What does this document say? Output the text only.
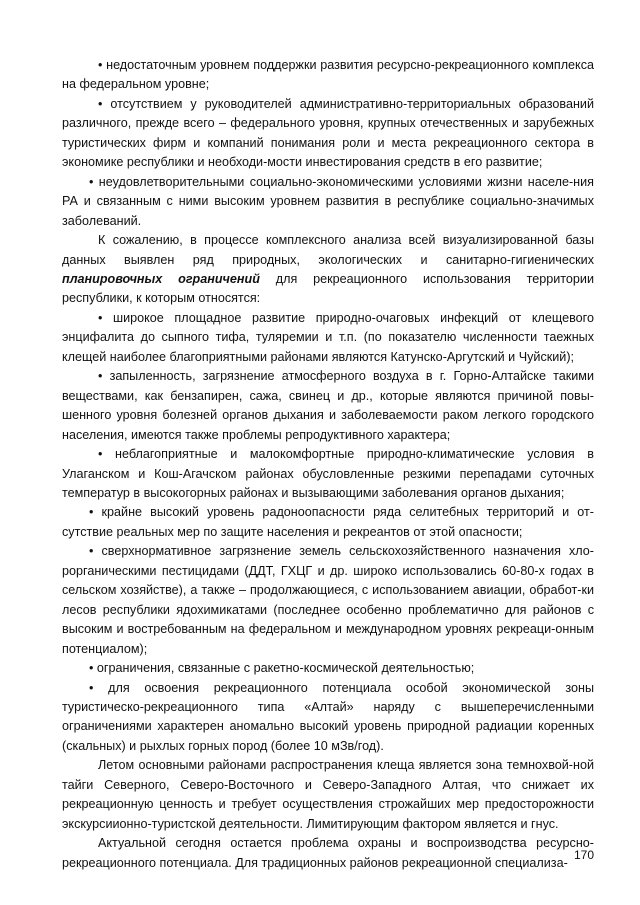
• недостаточным уровнем поддержки развития ресурсно-рекреационного комплекса на федеральном уровне;

• отсутствием у руководителей административно-территориальных образований различного, прежде всего – федерального уровня, крупных отечественных и зарубежных туристических фирм и компаний понимания роли и места рекреационного сектора в экономике республики и необходи-мости инвестирования средств в его развитие;

• неудовлетворительными социально-экономическими условиями жизни населе-ния РА и связанным с ними высоким уровнем развития в республике социально-значимых заболеваний.

К сожалению, в процессе комплексного анализа всей визуализированной базы данных выявлен ряд природных, экологических и санитарно-гигиенических планировочных ограничений для рекреационного использования территории республики, к которым относятся:

• широкое площадное развитие природно-очаговых инфекций от клещевого энцифалита до сыпного тифа, туляремии и т.п. (по показателю численности таежных клещей наиболее благоприятными районами являются Катунско-Аргутский и Чуйский);

• запыленность, загрязнение атмосферного воздуха в г. Горно-Алтайске такими веществами, как бензапирен, сажа, свинец и др., которые являются причиной повы-шенного уровня болезней органов дыхания и заболеваемости раком легкого городского населения, имеются также проблемы репродуктивного характера;

• неблагоприятные и малокомфортные природно-климатические условия в Улаганском и Кош-Агачском районах обусловленные резкими перепадами суточных температур в высокогорных районах и вызывающими заболевания органов дыхания;

• крайне высокий уровень радоноопасности ряда селитебных территорий и от-сутствие реальных мер по защите населения и рекреантов от этой опасности;

• сверхнормативное загрязнение земель сельскохозяйственного назначения хло-рорганическими пестицидами (ДДТ, ГХЦГ и др. широко использовались 60-80-х годах в сельском хозяйстве), а также – продолжающиеся, с использованием авиации, обработ-ки лесов республики ядохимикатами (последнее особенно проблематично для районов с высоким и востребованным на федеральном и международном уровнях рекреаци-онным потенциалом);

• ограничения, связанные с ракетно-космической деятельностью;

• для освоения рекреационного потенциала особой экономической зоны туристическо-рекреационного типа «Алтай» наряду с вышеперечисленными ограничениями характерен аномально высокий уровень природной радиации коренных (скальных) и рыхлых горных пород (более 10 мЗв/год).

Летом основными районами распространения клеща является зона темнохвой-ной тайги Северного, Северо-Восточного и Северо-Западного Алтая, что снижает их рекреационную ценность и требует осуществления строжайших мер предосторожности экскурсиионно-туристской деятельности. Лимитирующим фактором является и гнус.

Актуальной сегодня остается проблема охраны и воспроизводства ресурсно-рекреационного потенциала. Для традиционных районов рекреационной специализа-

170
